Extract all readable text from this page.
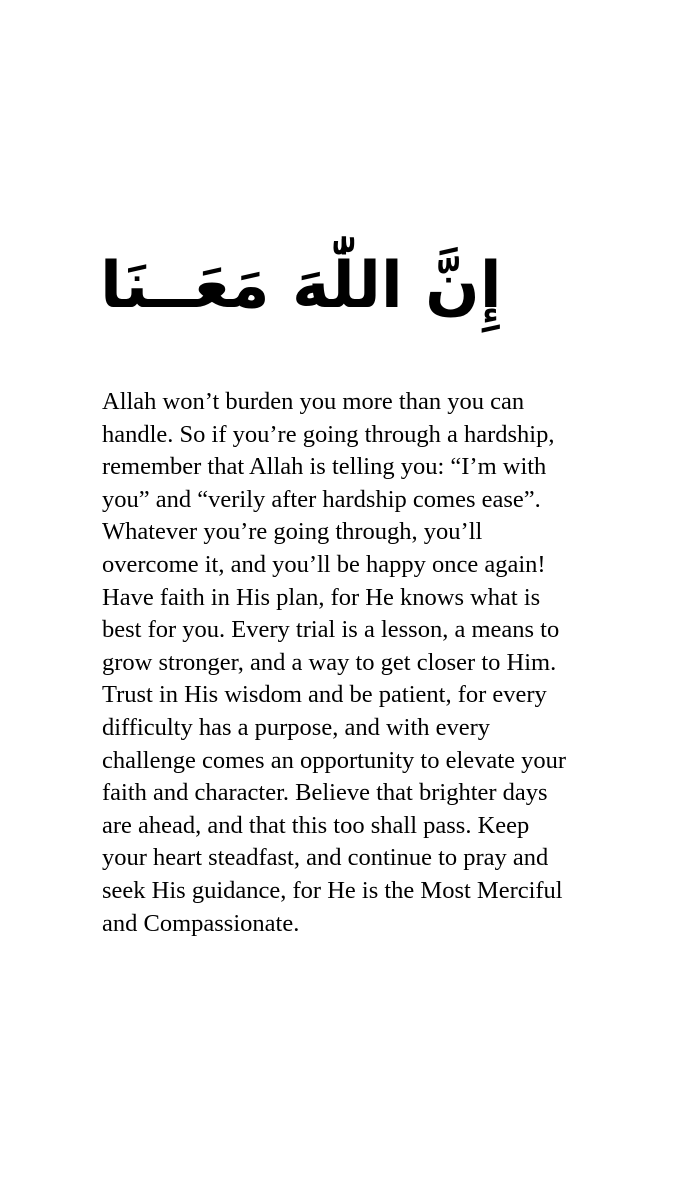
إِنَّ اللّٰهَ مَعَــنَا
Allah won’t burden you more than you can
handle. So if you’re going through a hardship,
remember that Allah is telling you: “I’m with
you” and “verily after hardship comes ease”.
Whatever you’re going through, you’ll
overcome it, and you’ll be happy once again!
Have faith in His plan, for He knows what is
best for you. Every trial is a lesson, a means to
grow stronger, and a way to get closer to Him.
Trust in His wisdom and be patient, for every
difficulty has a purpose, and with every
challenge comes an opportunity to elevate your
faith and character. Believe that brighter days
are ahead, and that this too shall pass. Keep
your heart steadfast, and continue to pray and
seek His guidance, for He is the Most Merciful
and Compassionate.
